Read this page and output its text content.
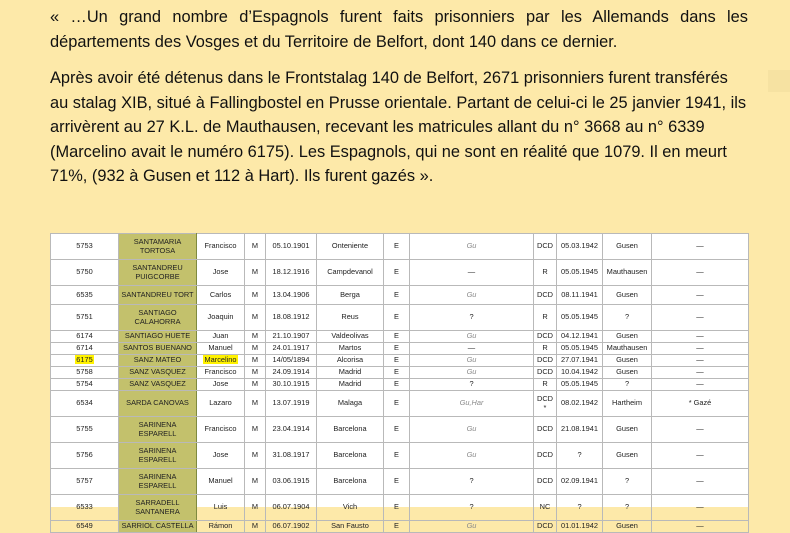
« …Un grand nombre d’Espagnols furent faits prisonniers par les Allemands dans les départements des Vosges et du Territoire de Belfort, dont 140 dans ce dernier.

Après avoir été détenus dans le Frontstalag 140 de Belfort, 2671 prisonniers furent transférés au stalag XIB, situé à Fallingbostel en Prusse orientale. Partant de celui-ci le 25 janvier 1941, ils arrivèrent au 27 K.L. de Mauthausen, recevant les matricules allant du n° 3668 au n° 6339 (Marcelino avait le numéro 6175). Les Espagnols, qui ne sont en réalité que 1079. Il en meurt 71%, (932 à Gusen et 112 à Hart). Ils furent gazés ».

5753	SANTAMARIA TORTOSA	Francisco	M	05.10.1901	Onteniente	E	Gu	DCD	05.03.1942	Gusen	—
5750	SANTANDREU PUIGCORBE	Jose	M	18.12.1916	Campdevanol	E	—	R	05.05.1945	Mauthausen	—
6535	SANTANDREU TORT	Carlos	M	13.04.1906	Berga	E	Gu	DCD	08.11.1941	Gusen	—
5751	SANTIAGO CALAHORRA	Joaquin	M	18.08.1912	Reus	E	?	R	05.05.1945	?	—
6174	SANTIAGO HUETE	Juan	M	21.10.1907	Valdeolivas	E	Gu	DCD	04.12.1941	Gusen	—
6714	SANTOS BUENANO	Manuel	M	24.01.1917	Martos	E	—	R	05.05.1945	Mauthausen	—
6175	SANZ MATEO	Marcelino	M	14/05/1894	Alcorisa	E	Gu	DCD	27.07.1941	Gusen	—
5758	SANZ VASQUEZ	Francisco	M	24.09.1914	Madrid	E	Gu	DCD	10.04.1942	Gusen	—
5754	SANZ VASQUEZ	Jose	M	30.10.1915	Madrid	E	?	R	05.05.1945	?	—
6534	SARDA CANOVAS	Lazaro	M	13.07.1919	Malaga	E	Gu,Har	DCD *	08.02.1942	Hartheim	* Gazé
5755	SARINENA ESPARELL	Francisco	M	23.04.1914	Barcelona	E	Gu	DCD	21.08.1941	Gusen	—
5756	SARINENA ESPARELL	Jose	M	31.08.1917	Barcelona	E	Gu	DCD	?	Gusen	—
5757	SARINENA ESPARELL	Manuel	M	03.06.1915	Barcelona	E	?	DCD	02.09.1941	?	—
6533	SARRADELL SANTANERA	Luis	M	06.07.1904	Vich	E	?	NC	?	?	—
6549	SARRIOL CASTELLA	Rámon	M	06.07.1902	San Fausto	E	Gu	DCD	01.01.1942	Gusen	—
